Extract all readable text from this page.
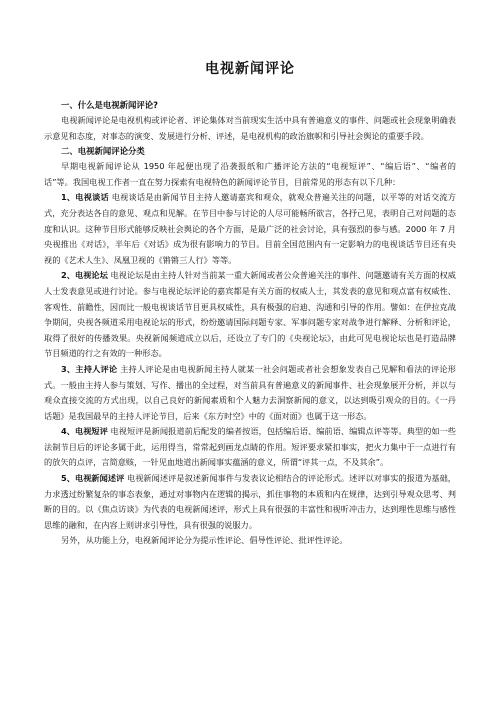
电视新闻评论
一、什么是电视新闻评论?

电视新闻评论是电视机构或评论者、评论集体对当前现实生活中具有普遍意义的事件、问题或社会现象明确表示意见和态度，对事态的演变、发展进行分析、评述，是电视机构的政治旗帜和引导社会舆论的重要手段。

二、电视新闻评论分类

早期电视新闻评论从 1950 年起便出现了沿袭报纸和广播评论方法的“电视短评”、“编后语”、“编者的话”等。我国电视工作者一直在努力探索有电视特色的新闻评论节目，目前常见的形态有以下几种：

1、电视谈话 电视谈话是由新闻节目主持人邀请嘉宾和观众，就观众普遍关注的问题，以平等的对话交流方式，充分表达各自的意见、观点和见解。在节目中参与讨论的人尽可能畅所欲言，各抒己见，表明自己对问题的态度和认识。这种节目形式能够反映社会舆论的各个方面，是最广泛的社会讨论，具有强烈的参与感。2000 年 7 月央视推出《对话》，半年后《对话》成为很有影响力的节目。目前全国范围内有一定影响力的电视谈话节目还有央视的《艺术人生》、凤凰卫视的《锵锵三人行》等等。

2、电视论坛 电视论坛是由主持人针对当前某一重大新闻或者公众普遍关注的事件、问题邀请有关方面的权威人士发表意见或进行讨论。参与电视论坛评论的嘉宾都是有关方面的权威人士，其发表的意见和观点富有权威性、客观性、前瞻性，因而比一般电视谈话节目更具权威性，具有极强的启迪、沟通和引导的作用。譬如：在伊拉克战争期间，央视各频道采用电视论坛的形式，纷纷邀请国际问题专家、军事问题专家对战争进行解释、分析和评论，取得了很好的传播效果。央视新闻频道成立以后，还设立了专门的《央视论坛》，由此可见电视论坛也是打造品牌节目频道的行之有效的一种形态。

3、主持人评论 主持人评论是由电视新闻主持人就某一社会问题或者社会想象发表自己见解和看法的评论形式。一般由主持人参与策划、写作、播出的全过程，对当前具有普遍意义的新闻事件、社会现象展开分析，并以与观众直接交流的方式出现，以自己良好的新闻素质和个人魅力去洞察新闻的意义，以达到吸引观众的目的。《一丹话题》是我国最早的主持人评论节目，后来《东方时空》中的《面对面》也属于这一形态。

4、电视短评 电视短评是新闻报道前后配发的编者按语，包括编后语、编前语、编辑点评等等。典型的如一些法制节目后的评论多属于此，运用得当，常常起到画龙点睛的作用。短评要求紧扣事实，把火力集中于一点进行有的放矢的点评，言简意赅，一针见血地道出新闻事实蕴涵的意义，所谓“评其一点，不及其余”。

5、电视新闻述评 电视新闻述评是叙述新闻事件与发表议论相结合的评论形式。述评以对事实的报道为基础，力求透过纷繁复杂的事态表象，通过对事物内在逻辑的揭示，抓住事物的本质和内在规律，达到引导观众思考、判断的目的。以《焦点访谈》为代表的电视新闻述评，形式上具有很强的丰富性和视听冲击力，达到理性思维与感性思维的融和，在内容上则讲求引导性，具有很强的说服力。

另外，从功能上分，电视新闻评论分为提示性评论、倡导性评论、批评性评论。
